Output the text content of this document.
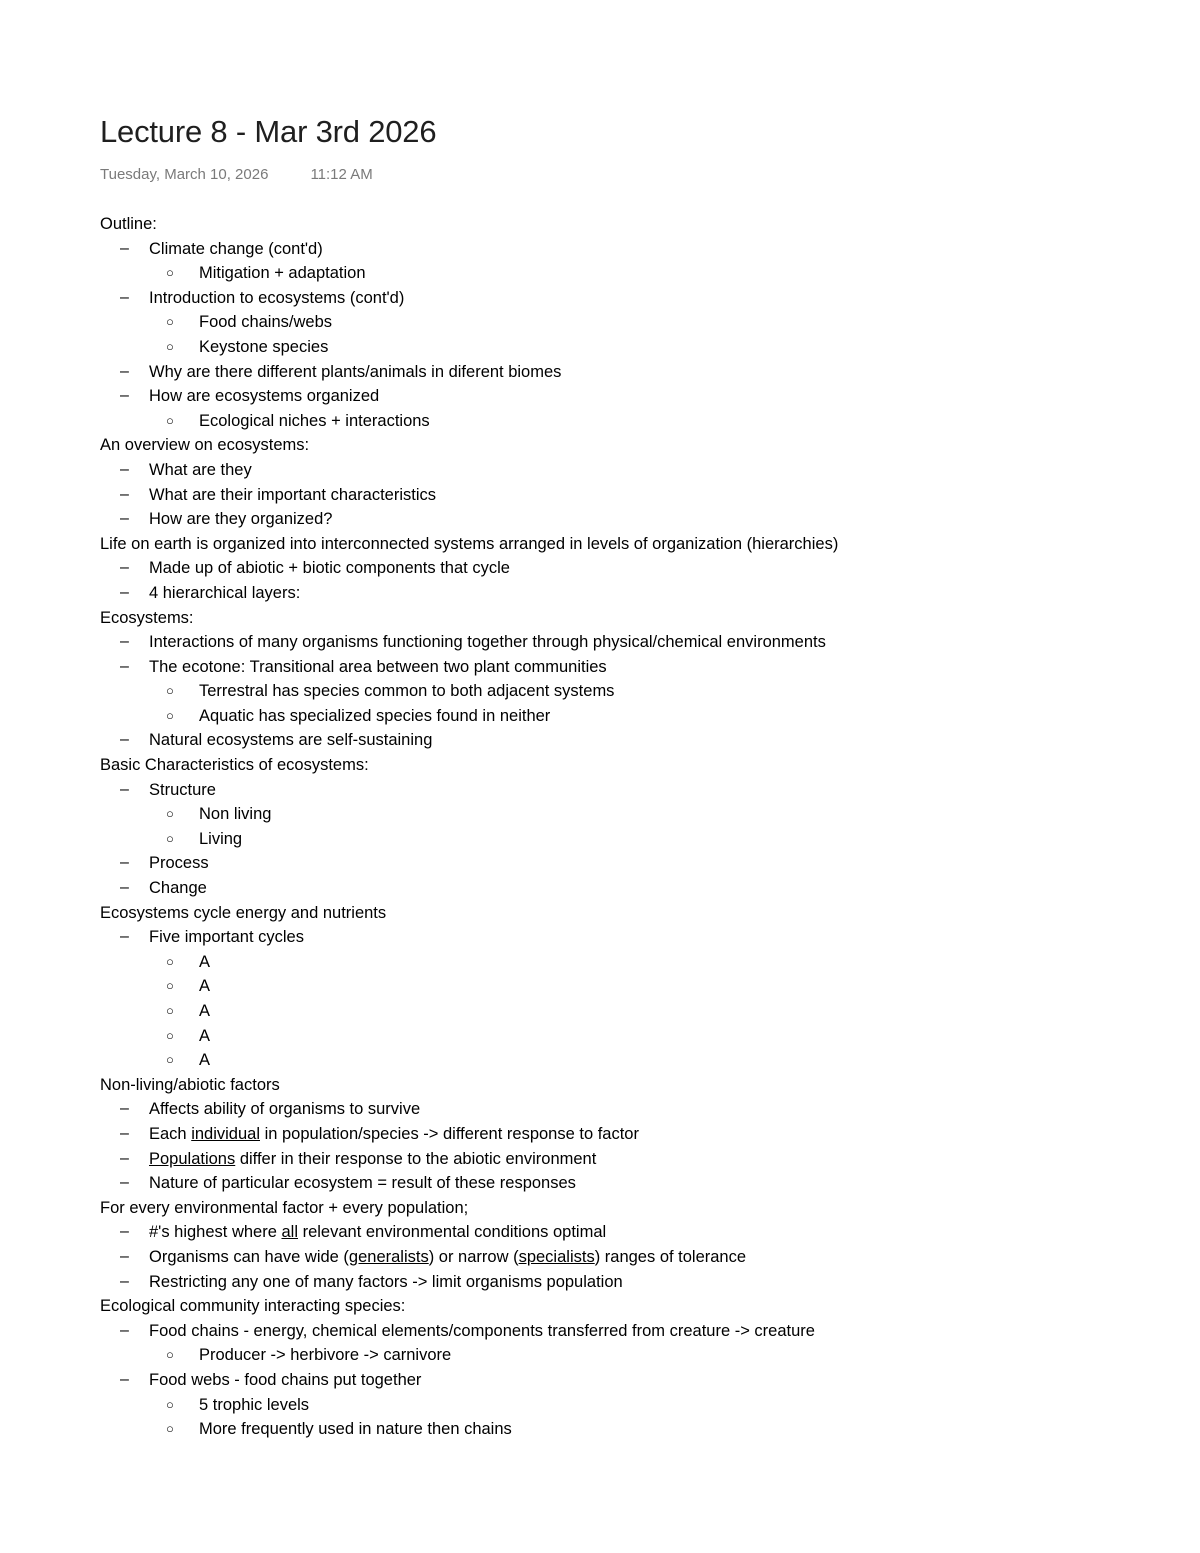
Lecture 8 - Mar 3rd 2026
Tuesday, March 10, 2026	11:12 AM
Outline:
– Climate change (cont'd)
○ Mitigation + adaptation
– Introduction to ecosystems (cont'd)
○ Food chains/webs
○ Keystone species
– Why are there different plants/animals in diferent biomes
– How are ecosystems organized
○ Ecological niches + interactions
An overview on ecosystems:
– What are they
– What are their important characteristics
– How are they organized?
Life on earth is organized into interconnected systems arranged in levels of organization (hierarchies)
– Made up of abiotic + biotic components that cycle
– 4 hierarchical layers:
Ecosystems:
– Interactions of many organisms functioning together through physical/chemical environments
– The ecotone: Transitional area between two plant communities
○ Terrestral has species common to both adjacent systems
○ Aquatic has specialized species found in neither
– Natural ecosystems are self-sustaining
Basic Characteristics of ecosystems:
– Structure
○ Non living
○ Living
– Process
– Change
Ecosystems cycle energy and nutrients
– Five important cycles
○ A
○ A
○ A
○ A
○ A
Non-living/abiotic factors
– Affects ability of organisms to survive
– Each individual in population/species -> different response to factor
– Populations differ in their response to the abiotic environment
– Nature of particular ecosystem = result of these responses
For every environmental factor + every population;
– #'s highest where all relevant environmental conditions optimal
– Organisms can have wide (generalists) or narrow (specialists) ranges of tolerance
– Restricting any one of many factors -> limit organisms population
Ecological community interacting species:
– Food chains - energy, chemical elements/components transferred from creature -> creature
○ Producer -> herbivore -> carnivore
– Food webs - food chains put together
○ 5 trophic levels
○ More frequently used in nature then chains
